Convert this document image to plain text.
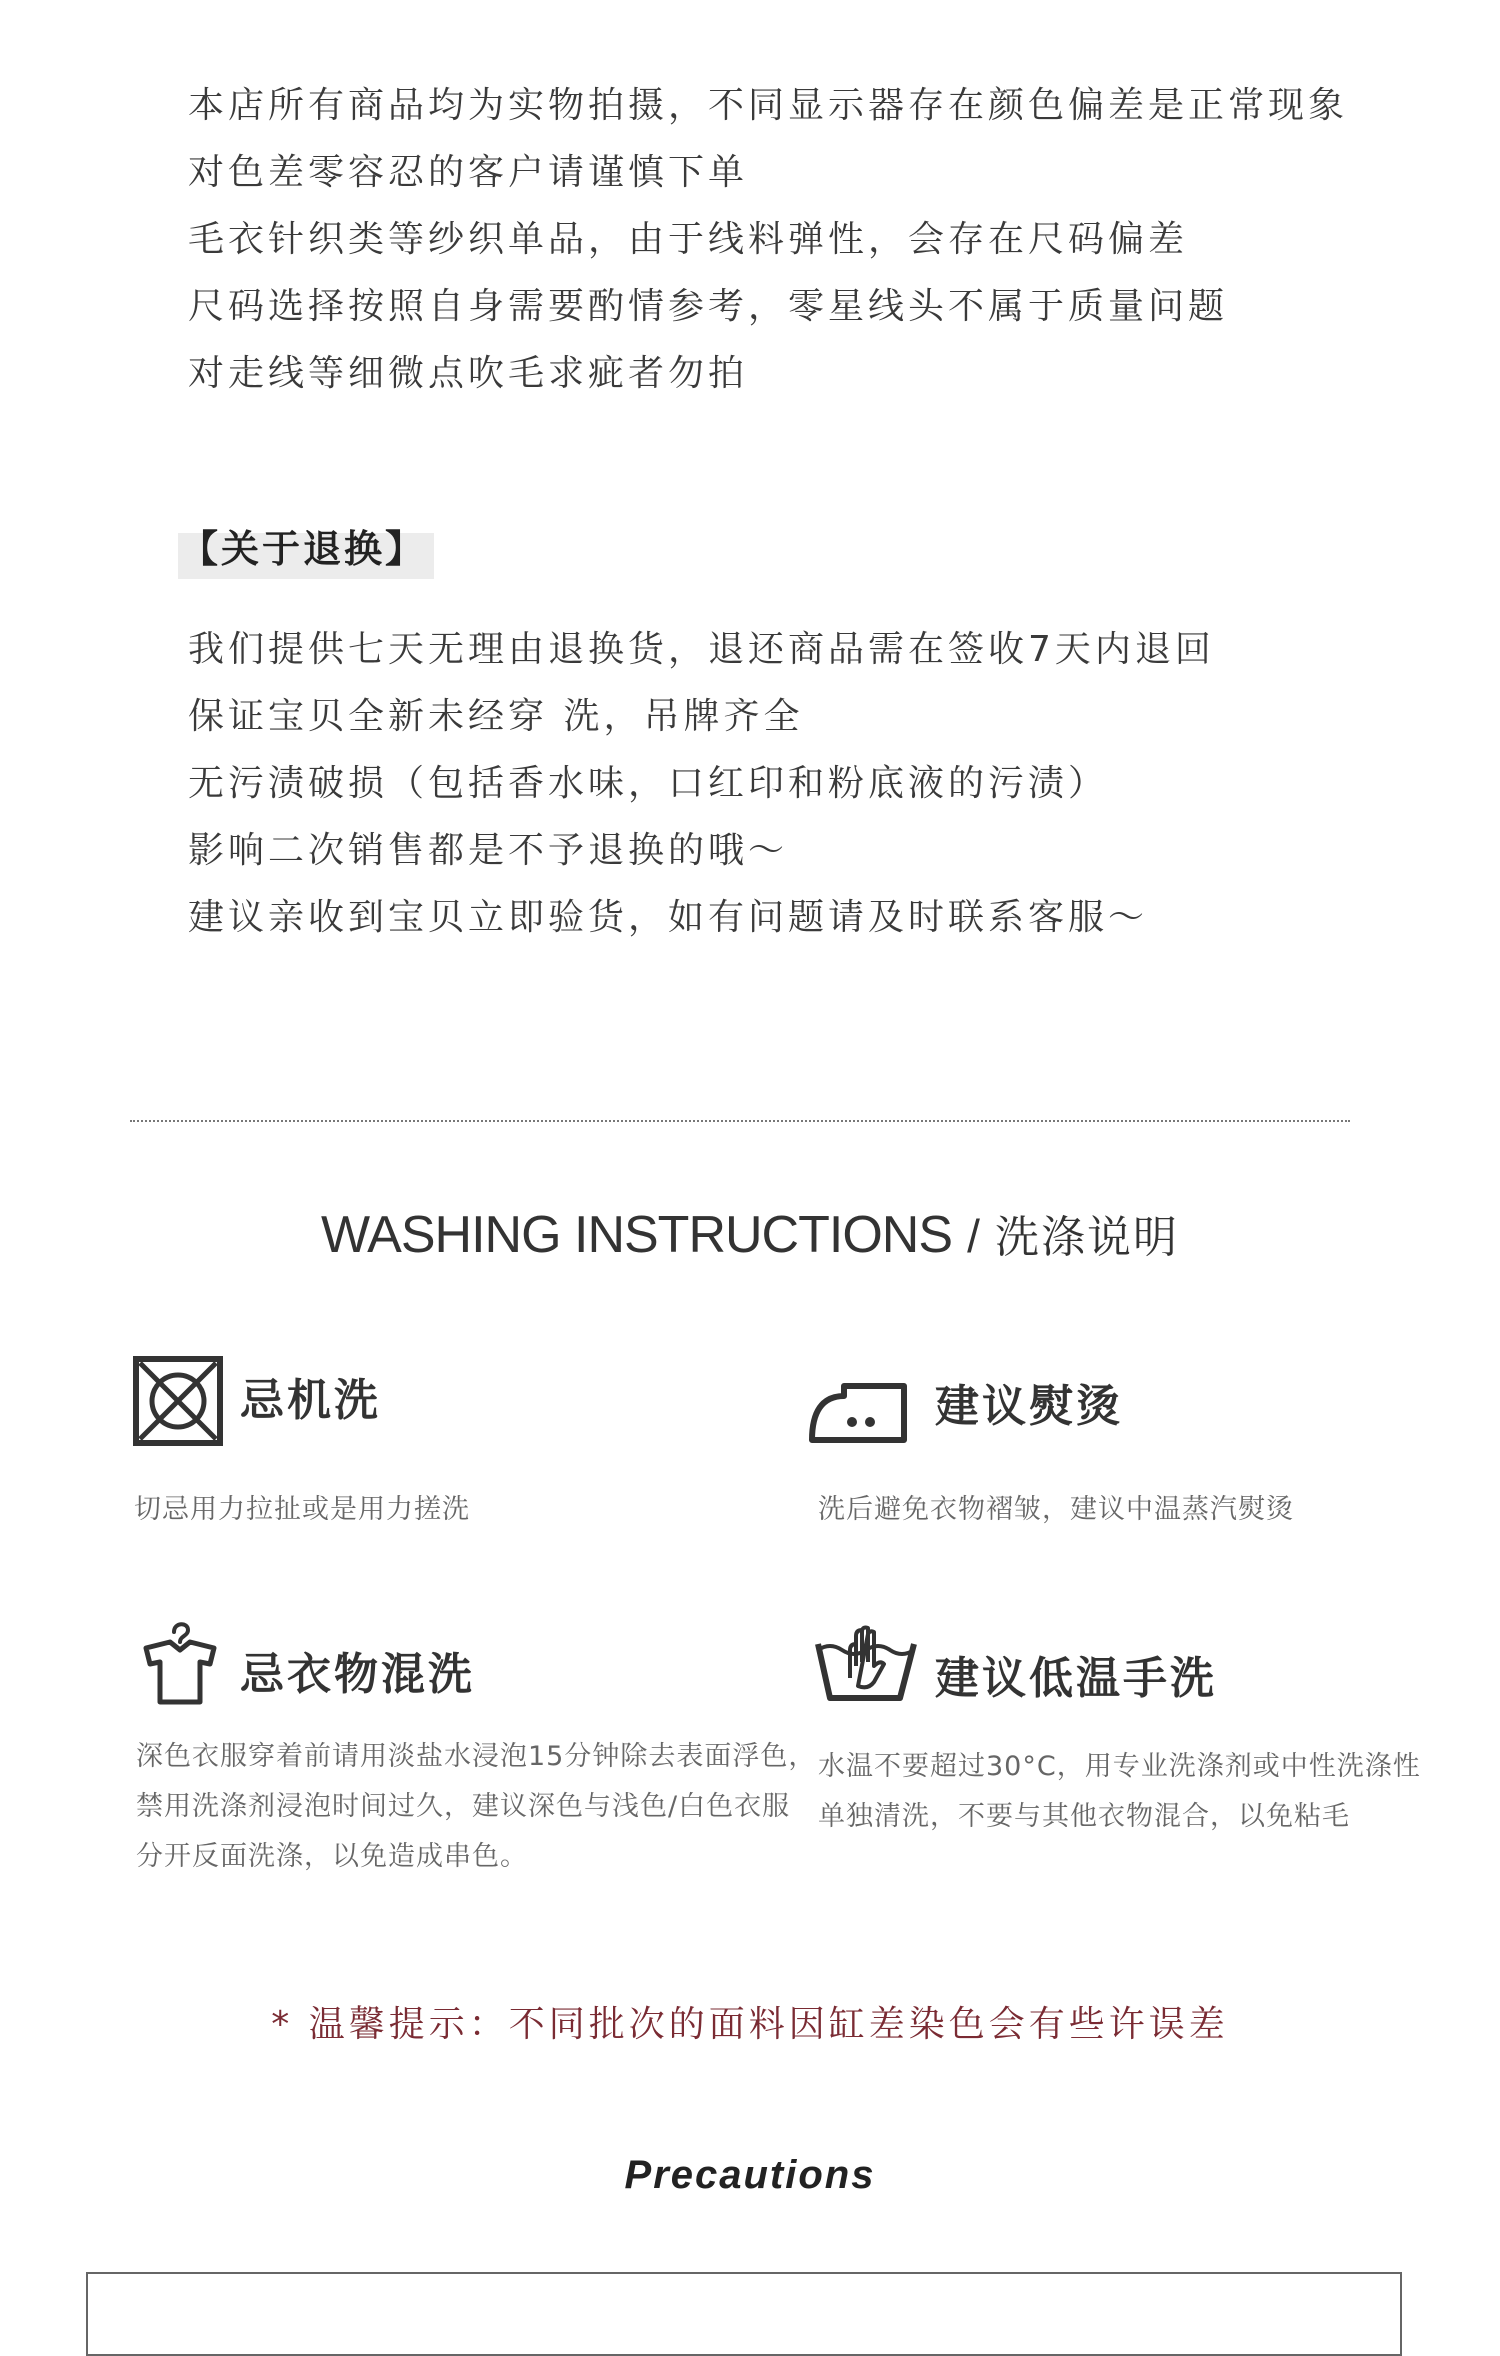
本店所有商品均为实物拍摄，不同显示器存在颜色偏差是正常现象
对色差零容忍的客户请谨慎下单
毛衣针织类等纱织单品，由于线料弹性，会存在尺码偏差
尺码选择按照自身需要酌情参考，零星线头不属于质量问题
对走线等细微点吹毛求疵者勿拍
【关于退换】
我们提供七天无理由退换货，退还商品需在签收7天内退回
保证宝贝全新未经穿 洗，吊牌齐全
无污渍破损（包括香水味，口红印和粉底液的污渍）
影响二次销售都是不予退换的哦～
建议亲收到宝贝立即验货，如有问题请及时联系客服～
WASHING INSTRUCTIONS / 洗涤说明
忌机洗
切忌用力拉扯或是用力搓洗
建议熨烫
洗后避免衣物褶皱，建议中温蒸汽熨烫
忌衣物混洗
深色衣服穿着前请用淡盐水浸泡15分钟除去表面浮色，
禁用洗涤剂浸泡时间过久，建议深色与浅色/白色衣服
分开反面洗涤，以免造成串色。
建议低温手洗
水温不要超过30°C，用专业洗涤剂或中性洗涤性
单独清洗，不要与其他衣物混合，以免粘毛
* 温馨提示：不同批次的面料因缸差染色会有些许误差
Precautions
